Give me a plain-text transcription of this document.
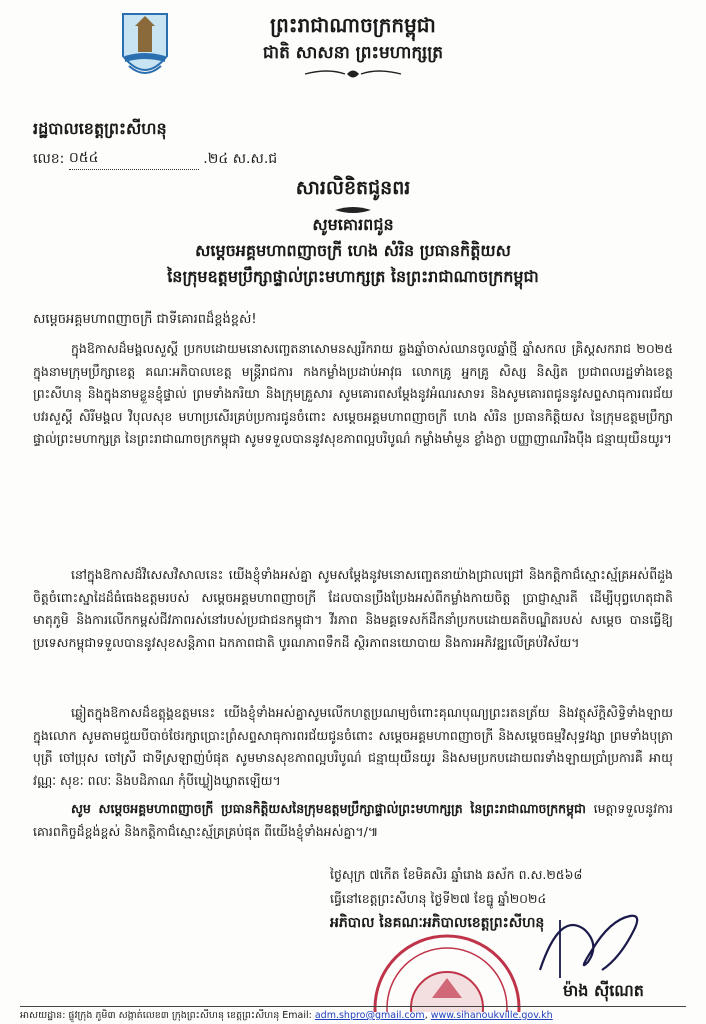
ព្រះរាជាណាចក្រកម្ពុជា
ជាតិ សាសនា ព្រះមហាក្សត្រ
រដ្ឋបាលខេត្តព្រះសីហនុ
លេខ: ០៥៤	.២៤ ស.ស.ជ
សារលិខិតជូនពរ
សូមគោរពជូន
សម្តេចអគ្គមហាពញាចក្រី ហេង សំរិន ប្រធានកិត្តិយស
នៃក្រុមឧត្តមប្រឹក្សាផ្ទាល់ព្រះមហាក្សត្រ នៃព្រះរាជាណាចក្រកម្ពុជា
សម្តេចអគ្គមហាពញាចក្រី ជាទីគោរពដ៏ខ្ពង់ខ្ពស់!
ក្នុងឱកាសដ៏មង្គលសួស្តី ប្រកបដោយមនោសញ្ចេតនាសោមនស្សរីករាយ ឆ្លងឆ្នាំចាស់ឈានចូលឆ្នាំថ្មី ឆ្នាំសកល គ្រិស្តសករាជ ២០២៥ ក្នុងនាមក្រុមប្រឹក្សាខេត្ត គណៈអភិបាលខេត្ត មន្ត្រីរាជការ កងកម្លាំងប្រដាប់អាវុធ លោកគ្រូ អ្នកគ្រូ សិស្ស និស្សិត ប្រជាពលរដ្ឋទាំងខេត្តព្រះសីហនុ និងក្នុងនាមខ្លួនខ្ញុំផ្ទាល់ ព្រមទាំងភរិយា និងក្រុមគ្រួសារ សូមគោរពសម្តែងនូវអំណរសាទរ និងសូមគោរពជូននូវសព្ទសាធុការពរជ័យ បវរសួស្តី សិរីមង្គល វិបុលសុខ មហាប្រសើរគ្រប់ប្រការជូនចំពោះ សម្តេចអគ្គមហាពញាចក្រី ហេង សំរិន ប្រធានកិត្តិយស នៃក្រុមឧត្តមប្រឹក្សាផ្ទាល់ព្រះមហាក្សត្រ នៃព្រះរាជាណាចក្រកម្ពុជា សូមទទួលបាននូវសុខភាពល្អបរិបូណ៌ កម្លាំងមាំមួន ខ្លាំងក្លា បញ្ញាញាណរឹងប៉ឹង ជន្មាយុយឺនយូរ។
នៅក្នុងឱកាសដ៏វិសេសវិសាលនេះ យើងខ្ញុំទាំងអស់គ្នា សូមសម្តែងនូវមនោសញ្ចេតនាយ៉ាងជ្រាលជ្រៅ និងកត្តិកាជ៏ស្មោះស្ម័គ្រអស់ពីដួងចិត្តចំពោះស្នាដៃដ៏ធំធេងឧត្តមរបស់ សម្តេចអគ្គមហាពញាចក្រី ដែលបានប្រឹងប្រែងអស់ពីកម្លាំងកាយចិត្ត ប្រាជ្ញាស្មារតី ដើម្បីបុព្វហេតុជាតិមាតុភូមិ និងការលើកកម្ពស់ជីវភាពរស់នៅរបស់ប្រជាជនកម្ពុជា។ វីរភាព និងមគ្គទេសក៍ដឹកនាំប្រកបដោយគតិបណ្ឌិតរបស់ សម្តេច បានធ្វើឱ្យប្រទេសកម្ពុជាទទួលបាននូវសុខសន្តិភាព ឯកភាពជាតិ បូរណភាពទឹកដី ស្ថិរភាពនយោបាយ និងការអភិវឌ្ឍលើគ្រប់វិស័យ។
ឆ្លៀតក្នុងឱកាសដ៏ឧត្តុង្គឧត្តមនេះ យើងខ្ញុំទាំងអស់គ្នាសូមលើកហត្ថប្រណម្យចំពោះគុណបុណ្យព្រះរតនត្រ័យ និងវត្ថុស័ក្តិសិទ្ធិទាំងឡាយក្នុងលោក សូមតាមជួយបីបាច់ថែរក្សាប្រោះព្រំសព្ទសាធុការពរជ័យជូនចំពោះ សម្តេចអគ្គមហាពញាចក្រី និងសម្តេចធម្មវិសុទ្ធវង្សា ព្រមទាំងបុត្រា បុត្រី ចៅប្រុស ចៅស្រី ជាទីស្រឡាញ់បំផុត សូមមានសុខភាពល្អបរិបូណ៌ ជន្មាយុយឺនយូរ និងសមប្រកបដោយពរទាំងឡាយប្រាំប្រការគឺ អាយុ វណ្ណៈ សុខៈ ពលៈ និងបដិភាណ កុំបីឃ្លៀងឃ្លាតឡើយ។
សូម សម្តេចអគ្គមហាពញាចក្រី ប្រធានកិត្តិយសនៃក្រុមឧត្តមប្រឹក្សាផ្ទាល់ព្រះមហាក្សត្រ នៃព្រះរាជាណាចក្រកម្ពុជា មេត្តាទទួលនូវការគោរពកិច្ចដ៏ខ្ពង់ខ្ពស់ និងកត្តិកាជ៏ស្មោះស្ម័គ្រគ្រប់ផុត ពីយើងខ្ញុំទាំងអស់គ្នា។/៕
ថ្ងៃសុក្រ ៧កើត ខែមិគសិរ ឆ្នាំរោង ឆស័ក ព.ស.២៥៦៨
ធ្វើនៅខេត្តព្រះសីហនុ ថ្ងៃទី២៧ ខែធ្នូ ឆ្នាំ២០២៤
អភិបាល នៃគណៈអភិបាលខេត្តព្រះសីហនុ
ម៉ាង ស៊ីណេត
អាសយដ្ឋាន: ផ្លូវក្រុង ភូមិ៣ សង្កាត់លេខ៣ ក្រុងព្រះសីហនុ ខេត្តព្រះសីហនុ Email: adm.shpro@gmail.com, www.sihanoukville.gov.kh
